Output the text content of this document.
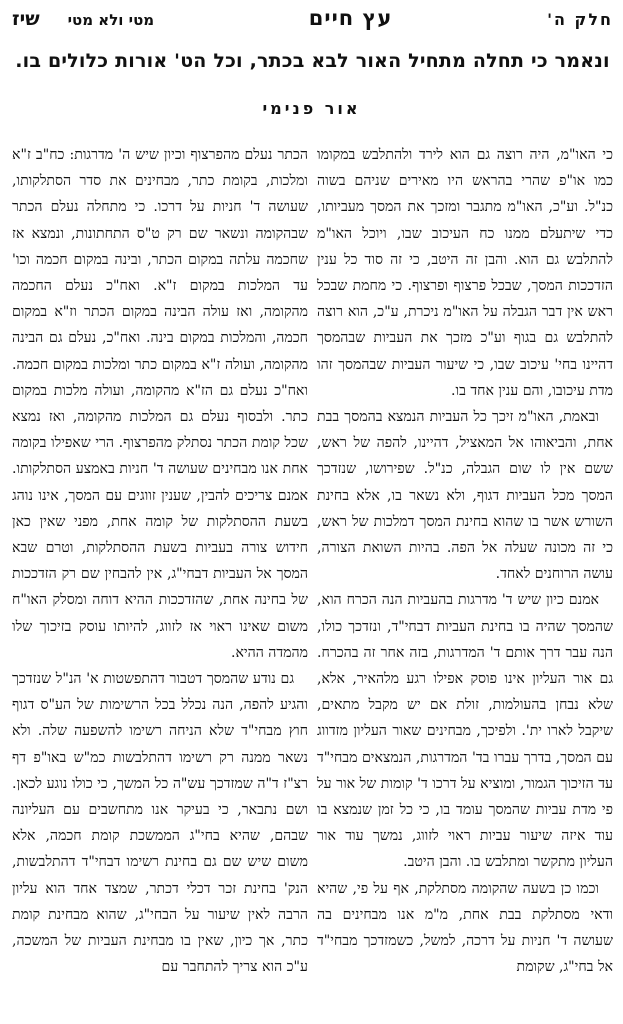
חלק ה'
עץ חיים
מטי ולא מטי
שיז
ונאמר כי תחלה מתחיל האור לבא בכתר, וכל הט' אורות כלולים בו.
אור פנימי

כי האו"מ, היה רוצה גם הוא לירד ולהתלבש במקומו כמו או"פ שהרי בהראש היו מאירים שניהם בשוה כנ"ל. וע"כ, האו"מ מתגבר ומזכך את המסך מעביותו, כדי שיתעלם ממנו כח העיכוב שבו, ויוכל האו"מ להתלבש גם הוא. והבן זה היטב, כי זה סוד כל ענין הזדככות המסך, שבכל פרצוף ופרצוף. כי מחמת שבכל ראש אין דבר הגבלה על האו"מ ניכרת, ע"כ, הוא רוצה להתלבש גם בגוף וע"כ מזכך את העביות שבהמסך דהיינו בחי' עיכוב שבו, כי שיעור העביות שבהמסך זהו מדת עיכובו, והם ענין אחד בו.

ובאמת, האו"מ זיכך כל העביות הנמצא בהמסך בבת אחת, והביאוהו אל המאציל, דהיינו, להפה של ראש, ששם אין לו שום הגבלה, כנ"ל. שפירושו, שנזדכך המסך מכל העביות דגוף, ולא נשאר בו, אלא בחינת השורש אשר בו שהוא בחינת המסך דמלכות של ראש, כי זה מכונה שעלה אל הפה. בהיות השואת הצורה, עושה הרוחנים לאחד.

אמנם כיון שיש ד' מדרגות בהעביות הנה הכרח הוא, שהמסך שהיה בו בחינת העביות דבחי"ד, ונזדכך כולו, הנה עבר דרך אותם ד' המדרגות, בזה אחר זה בהכרח. גם אור העליון אינו פוסק אפילו רגע מלהאיר, אלא, שלא נבחן בהעולמות, זולת אם יש מקבל מתאים, שיקבל לארו ית'. ולפיכך, מבחינים שאור העליון מזדווג עם המסך, בדרך עברו בד' המדרגות, הנמצאים מבחי"ד עד הזיכוך הגמור, ומוציא על דרכו ד' קומות של אור על פי מדת עביות שהמסך עומד בו, כי כל זמן שנמצא בו עוד איזה שיעור עביות ראוי לזווג, נמשך עוד אור העליון מתקשר ומתלבש בו. והבן היטב.

וכמו כן בשעה שהקומה מסתלקת, אף על פי, שהיא ודאי מסתלקת בבת אחת, מ"מ אנו מבחינים בה שעושה ד' חניות על דרכה, למשל, כשמזדכך מבחי"ד אל בחי"ג, שקומת

הכתר נעלם מהפרצוף וכיון שיש ה' מדרגות: כח"ב ז"א ומלכות, בקומת כתר, מבחינים את סדר הסתלקותו, שעושה ד' חניות על דרכו. כי מתחלה נעלם הכתר שבהקומה ונשאר שם רק ט"ס התחתונות, ונמצא אז שחכמה עלתה במקום הכתר, ובינה במקום חכמה וכו' עד המלכות במקום ז"א. ואח"כ נעלם החכמה מהקומה, ואז עולה הבינה במקום הכתר וז"א במקום חכמה, והמלכות במקום בינה. ואח"כ, נעלם גם הבינה מהקומה, ועולה ז"א במקום כתר ומלכות במקום חכמה. ואח"כ נעלם גם הז"א מהקומה, ועולה מלכות במקום כתר. ולבסוף נעלם גם המלכות מהקומה, ואז נמצא שכל קומת הכתר נסתלק מהפרצוף. הרי שאפילו בקומה אחת אנו מבחינים שעושה ד' חניות באמצע הסתלקותו. אמנם צריכים להבין, שענין זווגים עם המסך, אינו נוהג בשעת ההסתלקות של קומה אחת, מפני שאין כאן חידוש צורה בעביות בשעת ההסתלקות, וטרם שבא המסך אל העביות דבחי"ג, אין להבחין שם רק הזדככות של בחינה אחת, שהזדככות ההיא דוחה ומסלק האו"ח משום שאינו ראוי אז לזווג, להיותו עוסק בזיכוך שלו מהמדה ההיא.

גם נודע שהמסך דטבור דהתפשטות א' הנ"ל שנזדכך והגיע להפה, הנה נכלל בכל הרשימות של הע"ס דגוף חוץ מבחי"ד שלא הניחה רשימו להשפעה שלה. ולא נשאר ממנה רק רשימו דהתלבשות כמ"ש באו"פ דף רצ"ז ד"ה שמזדכך עש"ה כל המשך, כי כולו נוגע לכאן. ושם נתבאר, כי בעיקר אנו מתחשבים עם העליונה שבהם, שהיא בחי"ג הממשכת קומת חכמה, אלא משום שיש שם גם בחינת רשימו דבחי"ד דהתלבשות, הנק' בחינת זכר דכלי דכתר, שמצד אחד הוא עליון הרבה לאין שיעור על הבחי"ג, שהוא מבחינת קומת כתר, אך כיון, שאין בו מבחינת העביות של המשכה, ע"כ הוא צריך להתחבר עם
